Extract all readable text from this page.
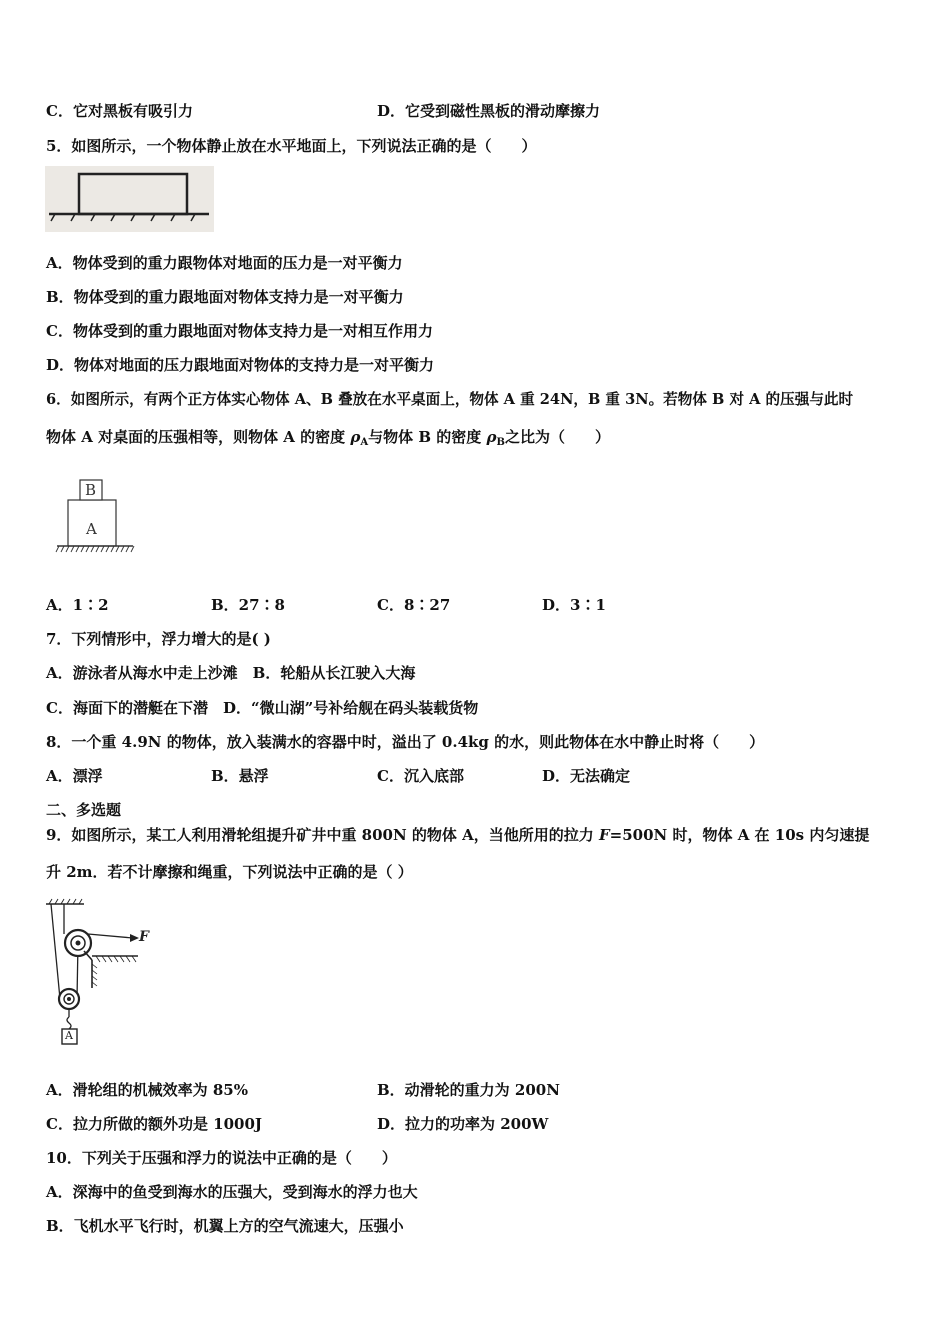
C．它对黑板有吸引力	D．它受到磁性黑板的滑动摩擦力
5．如图所示，一个物体静止放在水平地面上，下列说法正确的是（　　）
A．物体受到的重力跟物体对地面的压力是一对平衡力
B．物体受到的重力跟地面对物体支持力是一对平衡力
C．物体受到的重力跟地面对物体支持力是一对相互作用力
D．物体对地面的压力跟地面对物体的支持力是一对平衡力
6．如图所示，有两个正方体实心物体 A、B 叠放在水平桌面上，物体 A 重 24N，B 重 3N。若物体 B 对 A 的压强与此时
物体 A 对桌面的压强相等，则物体 A 的密度 $\rho_A$与物体 B 的密度 $\rho_B$之比为（　　）
B
A
A．1∶2	B．27∶8	C．8∶27	D．3∶1
7．下列情形中，浮力增大的是( )
A．游泳者从海水中走上沙滩　B．轮船从长江驶入大海
C．海面下的潜艇在下潜　D．“微山湖”号补给舰在码头装载货物
8．一个重 4.9N 的物体，放入装满水的容器中时，溢出了 0.4kg 的水，则此物体在水中静止时将（　　）
A．漂浮	B．悬浮	C．沉入底部	D．无法确定
二、多选题
9．如图所示，某工人利用滑轮组提升矿井中重 800N 的物体 A，当他所用的拉力 F=500N 时，物体 A 在 10s 内匀速提
升 2m．若不计摩擦和绳重，下列说法中正确的是（ ）
F
A
A．滑轮组的机械效率为 85%	B．动滑轮的重力为 200N
C．拉力所做的额外功是 1000J	D．拉力的功率为 200W
10．下列关于压强和浮力的说法中正确的是（　　）
A．深海中的鱼受到海水的压强大，受到海水的浮力也大
B．飞机水平飞行时，机翼上方的空气流速大，压强小
